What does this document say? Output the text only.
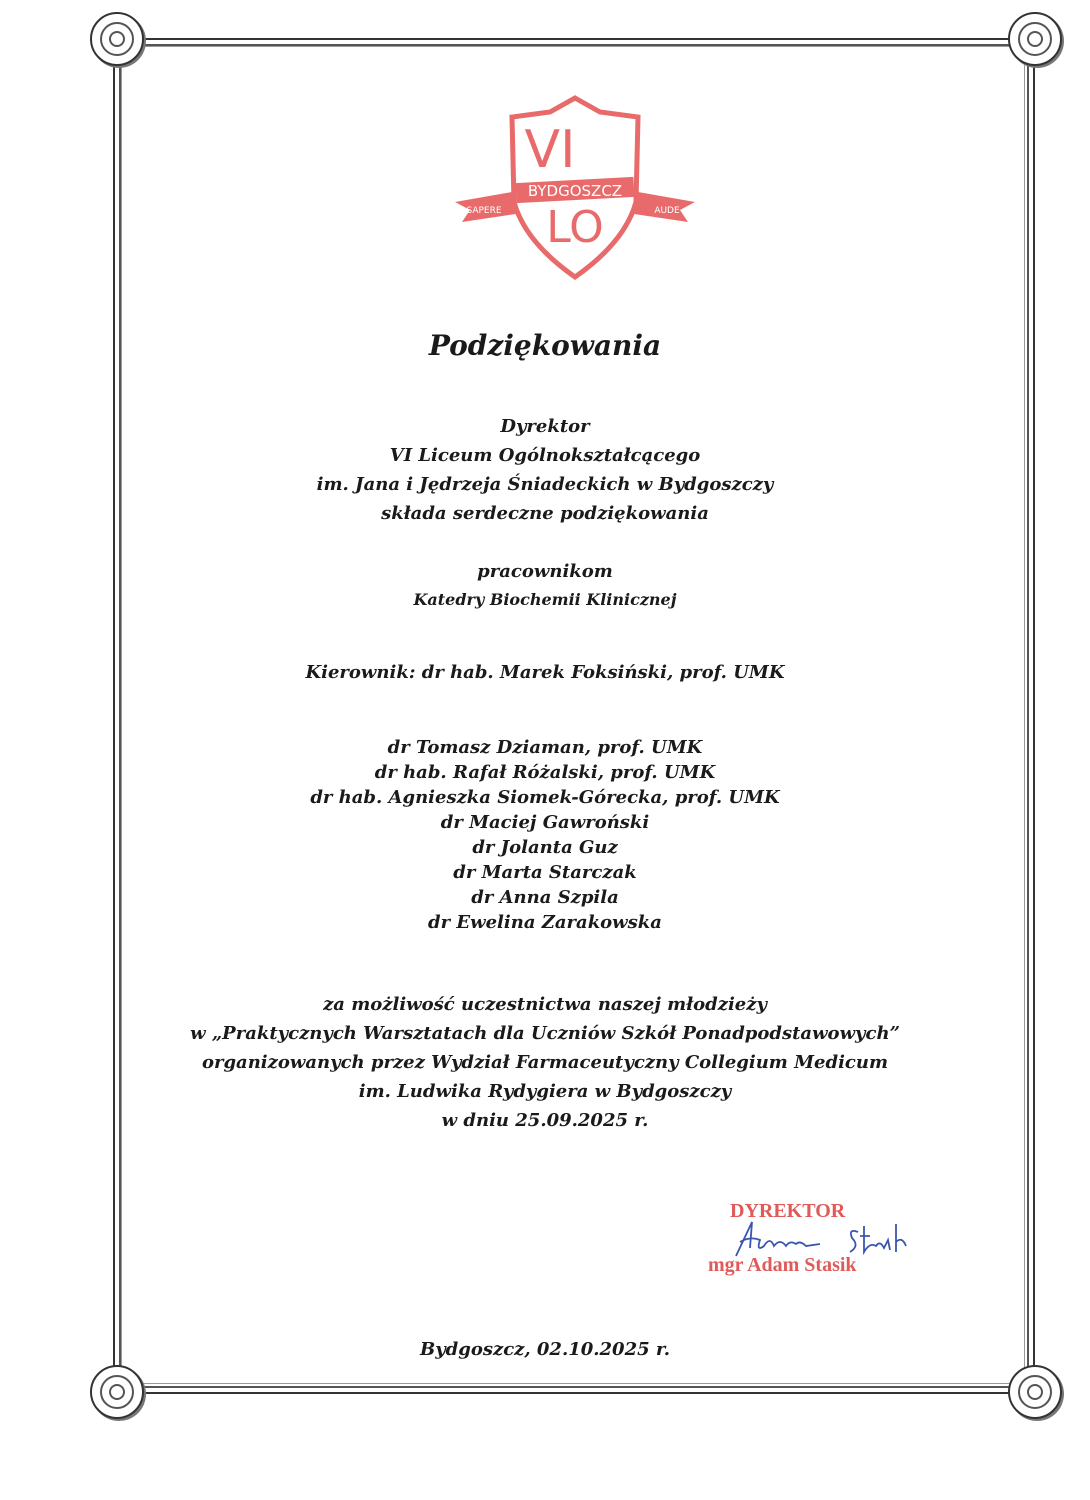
VI
LO
BYDGOSZCZ
SAPERE	AUDE
Podziękowania
Dyrektor
VI Liceum Ogólnokształcącego
im. Jana i Jędrzeja Śniadeckich w Bydgoszczy
składa serdeczne podziękowania
pracownikom
Katedry Biochemii Klinicznej
Kierownik: dr hab. Marek Foksiński, prof. UMK
dr Tomasz Dziaman, prof. UMK
dr hab. Rafał Różalski, prof. UMK
dr hab. Agnieszka Siomek-Górecka, prof. UMK
dr Maciej Gawroński
dr Jolanta Guz
dr Marta Starczak
dr Anna Szpila
dr Ewelina Zarakowska
za możliwość uczestnictwa naszej młodzieży
w „Praktycznych Warsztatach dla Uczniów Szkół Ponadpodstawowych”
organizowanych przez Wydział Farmaceutyczny Collegium Medicum
im. Ludwika Rydygiera w Bydgoszczy
w dniu 25.09.2025 r.
DYREKTOR
mgr Adam Stasik
Bydgoszcz, 02.10.2025 r.
